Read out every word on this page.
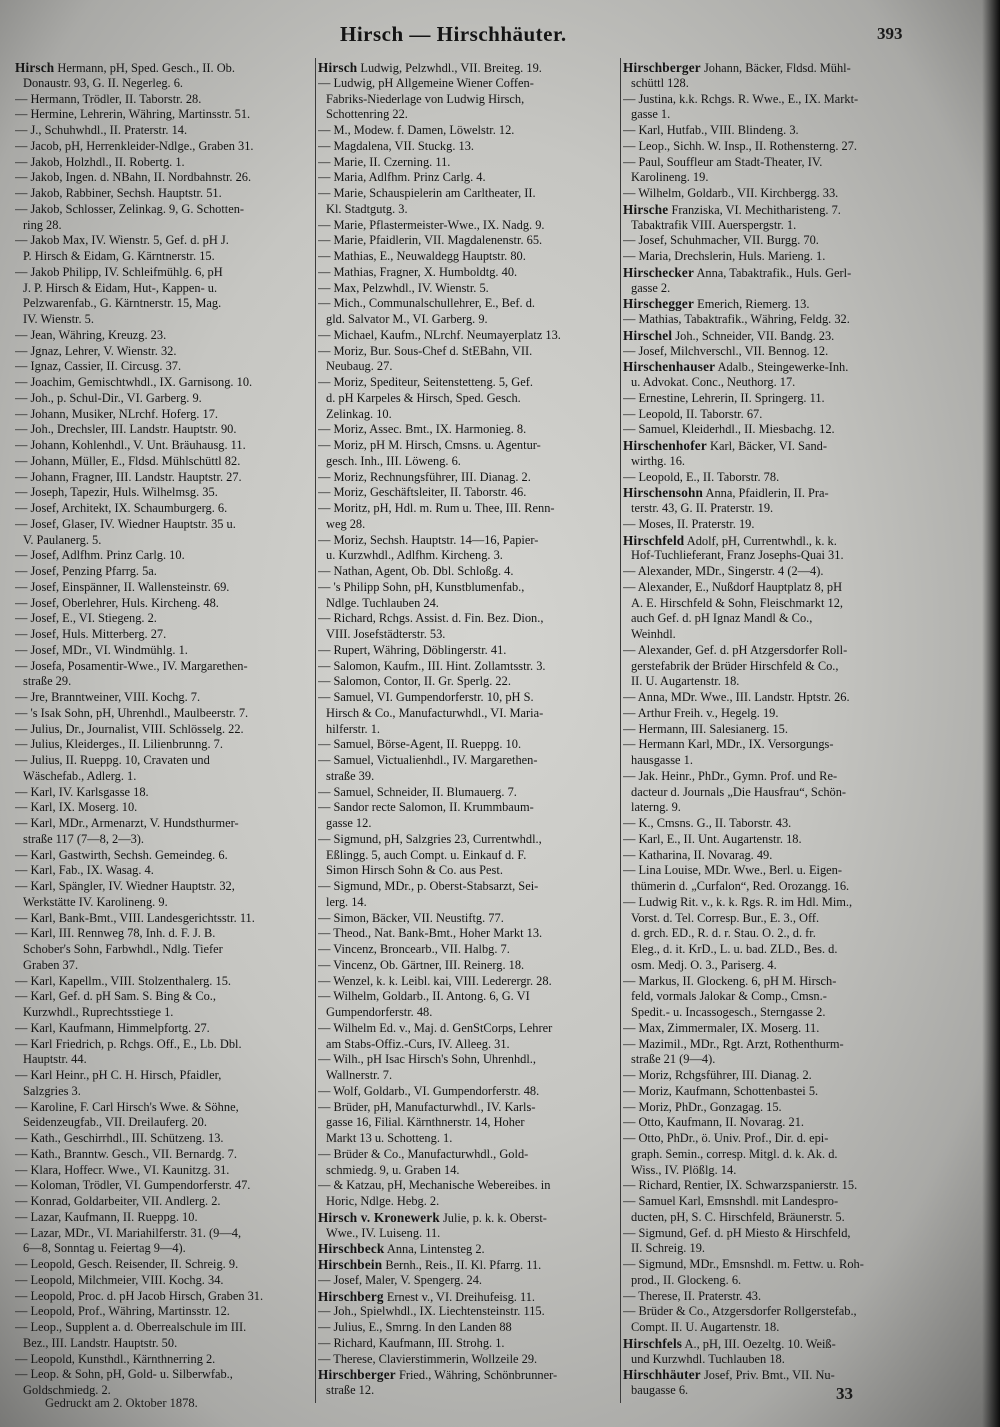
Hirsch — Hirschhäuter.	393
Hirsch Hermann, pH, Sped. Gesch., II. Ob.
Donaustr. 93, G. II. Negerleg. 6.
— Hermann, Trödler, II. Taborstr. 28.
— Hermine, Lehrerin, Währing, Martinsstr. 51.
— J., Schuhwhdl., II. Praterstr. 14.
— Jacob, pH, Herrenkleider-Ndlge., Graben 31.
— Jakob, Holzhdl., II. Robertg. 1.
— Jakob, Ingen. d. NBahn, II. Nordbahnstr. 26.
— Jakob, Rabbiner, Sechsh. Hauptstr. 51.
— Jakob, Schlosser, Zelinkag. 9, G. Schotten-
ring 28.
— Jakob Max, IV. Wienstr. 5, Gef. d. pH J.
P. Hirsch & Eidam, G. Kärntnerstr. 15.
— Jakob Philipp, IV. Schleifmühlg. 6, pH
J. P. Hirsch & Eidam, Hut-, Kappen- u.
Pelzwarenfab., G. Kärntnerstr. 15, Mag.
IV. Wienstr. 5.
— Jean, Währing, Kreuzg. 23.
— Jgnaz, Lehrer, V. Wienstr. 32.
— Ignaz, Cassier, II. Circusg. 37.
— Joachim, Gemischtwhdl., IX. Garnisong. 10.
— Joh., p. Schul-Dir., VI. Garberg. 9.
— Johann, Musiker, NLrchf. Hoferg. 17.
— Joh., Drechsler, III. Landstr. Hauptstr. 90.
— Johann, Kohlenhdl., V. Unt. Bräuhausg. 11.
— Johann, Müller, E., Fldsd. Mühlschüttl 82.
— Johann, Fragner, III. Landstr. Hauptstr. 27.
— Joseph, Tapezir, Huls. Wilhelmsg. 35.
— Josef, Architekt, IX. Schaumburgerg. 6.
— Josef, Glaser, IV. Wiedner Hauptstr. 35 u.
V. Paulanerg. 5.
— Josef, Adlfhm. Prinz Carlg. 10.
— Josef, Penzing Pfarrg. 5a.
— Josef, Einspänner, II. Wallensteinstr. 69.
— Josef, Oberlehrer, Huls. Kircheng. 48.
— Josef, E., VI. Stiegeng. 2.
— Josef, Huls. Mitterberg. 27.
— Josef, MDr., VI. Windmühlg. 1.
— Josefa, Posamentir-Wwe., IV. Margarethen-
straße 29.
— Jre, Branntweiner, VIII. Kochg. 7.
— 's Isak Sohn, pH, Uhrenhdl., Maulbeerstr. 7.
— Julius, Dr., Journalist, VIII. Schlösselg. 22.
— Julius, Kleiderges., II. Lilienbrunng. 7.
— Julius, II. Rueppg. 10, Cravaten und
Wäschefab., Adlerg. 1.
— Karl, IV. Karlsgasse 18.
— Karl, IX. Moserg. 10.
— Karl, MDr., Armenarzt, V. Hundsthurmer-
straße 117 (7—8, 2—3).
— Karl, Gastwirth, Sechsh. Gemeindeg. 6.
— Karl, Fab., IX. Wasag. 4.
— Karl, Spängler, IV. Wiedner Hauptstr. 32,
Werkstätte IV. Karolineng. 9.
— Karl, Bank-Bmt., VIII. Landesgerichtsstr. 11.
— Karl, III. Rennweg 78, Inh. d. F. J. B.
Schober's Sohn, Farbwhdl., Ndlg. Tiefer
Graben 37.
— Karl, Kapellm., VIII. Stolzenthalerg. 15.
— Karl, Gef. d. pH Sam. S. Bing & Co.,
Kurzwhdl., Ruprechtsstiege 1.
— Karl, Kaufmann, Himmelpfortg. 27.
— Karl Friedrich, p. Rchgs. Off., E., Lb. Dbl.
Hauptstr. 44.
— Karl Heinr., pH C. H. Hirsch, Pfaidler,
Salzgries 3.
— Karoline, F. Carl Hirsch's Wwe. & Söhne,
Seidenzeugfab., VII. Dreilauferg. 20.
— Kath., Geschirrhdl., III. Schützeng. 13.
— Kath., Branntw. Gesch., VII. Bernardg. 7.
— Klara, Hoffecr. Wwe., VI. Kaunitzg. 31.
— Koloman, Trödler, VI. Gumpendorferstr. 47.
— Konrad, Goldarbeiter, VII. Andlerg. 2.
— Lazar, Kaufmann, II. Rueppg. 10.
— Lazar, MDr., VI. Mariahilferstr. 31. (9—4,
6—8, Sonntag u. Feiertag 9—4).
— Leopold, Gesch. Reisender, II. Schreig. 9.
— Leopold, Milchmeier, VIII. Kochg. 34.
— Leopold, Proc. d. pH Jacob Hirsch, Graben 31.
— Leopold, Prof., Währing, Martinsstr. 12.
— Leop., Supplent a. d. Oberrealschule im III.
Bez., III. Landstr. Hauptstr. 50.
— Leopold, Kunsthdl., Kärnthnerring 2.
— Leop. & Sohn, pH, Gold- u. Silberwfab.,
Goldschmiedg. 2.
Hirsch Ludwig, Pelzwhdl., VII. Breiteg. 19.
— Ludwig, pH Allgemeine Wiener Coffen-
Fabriks-Niederlage von Ludwig Hirsch,
Schottenring 22.
— M., Modew. f. Damen, Löwelstr. 12.
— Magdalena, VII. Stuckg. 13.
— Marie, II. Czerning. 11.
— Maria, Adlfhm. Prinz Carlg. 4.
— Marie, Schauspielerin am Carltheater, II.
Kl. Stadtgutg. 3.
— Marie, Pflastermeister-Wwe., IX. Nadg. 9.
— Marie, Pfaidlerin, VII. Magdalenenstr. 65.
— Mathias, E., Neuwaldegg Hauptstr. 80.
— Mathias, Fragner, X. Humboldtg. 40.
— Max, Pelzwhdl., IV. Wienstr. 5.
— Mich., Communalschullehrer, E., Bef. d.
gld. Salvator M., VI. Garberg. 9.
— Michael, Kaufm., NLrchf. Neumayerplatz 13.
— Moriz, Bur. Sous-Chef d. StEBahn, VII.
Neubaug. 27.
— Moriz, Spediteur, Seitenstetteng. 5, Gef.
d. pH Karpeles & Hirsch, Sped. Gesch.
Zelinkag. 10.
— Moriz, Assec. Bmt., IX. Harmonieg. 8.
— Moriz, pH M. Hirsch, Cmsns. u. Agentur-
gesch. Inh., III. Löweng. 6.
— Moriz, Rechnungsführer, III. Dianag. 2.
— Moriz, Geschäftsleiter, II. Taborstr. 46.
— Moritz, pH, Hdl. m. Rum u. Thee, III. Renn-
weg 28.
— Moriz, Sechsh. Hauptstr. 14—16, Papier-
u. Kurzwhdl., Adlfhm. Kircheng. 3.
— Nathan, Agent, Ob. Dbl. Schloßg. 4.
— 's Philipp Sohn, pH, Kunstblumenfab.,
Ndlge. Tuchlauben 24.
— Richard, Rchgs. Assist. d. Fin. Bez. Dion.,
VIII. Josefstädterstr. 53.
— Rupert, Währing, Döblingerstr. 41.
— Salomon, Kaufm., III. Hint. Zollamtsstr. 3.
— Salomon, Contor, II. Gr. Sperlg. 22.
— Samuel, VI. Gumpendorferstr. 10, pH S.
Hirsch & Co., Manufacturwhdl., VI. Maria-
hilferstr. 1.
— Samuel, Börse-Agent, II. Rueppg. 10.
— Samuel, Victualienhdl., IV. Margarethen-
straße 39.
— Samuel, Schneider, II. Blumauerg. 7.
— Sandor recte Salomon, II. Krummbaum-
gasse 12.
— Sigmund, pH, Salzgries 23, Currentwhdl.,
Eßlingg. 5, auch Compt. u. Einkauf d. F.
Simon Hirsch Sohn & Co. aus Pest.
— Sigmund, MDr., p. Oberst-Stabsarzt, Sei-
lerg. 14.
— Simon, Bäcker, VII. Neustiftg. 77.
— Theod., Nat. Bank-Bmt., Hoher Markt 13.
— Vincenz, Broncearb., VII. Halbg. 7.
— Vincenz, Ob. Gärtner, III. Reinerg. 18.
— Wenzel, k. k. Leibl. kai, VIII. Lederergr. 28.
— Wilhelm, Goldarb., II. Antong. 6, G. VI
Gumpendorferstr. 48.
— Wilhelm Ed. v., Maj. d. GenStCorps, Lehrer
am Stabs-Offiz.-Curs, IV. Alleeg. 31.
— Wilh., pH Isac Hirsch's Sohn, Uhrenhdl.,
Wallnerstr. 7.
— Wolf, Goldarb., VI. Gumpendorferstr. 48.
— Brüder, pH, Manufacturwhdl., IV. Karls-
gasse 16, Filial. Kärnthnerstr. 14, Hoher
Markt 13 u. Schotteng. 1.
— Brüder & Co., Manufacturwhdl., Gold-
schmiedg. 9, u. Graben 14.
— & Katzau, pH, Mechanische Webereibes. in
Horic, Ndlge. Hebg. 2.
Hirsch v. Kronewerk Julie, p. k. k. Oberst-
Wwe., IV. Luiseng. 11.
Hirschbeck Anna, Lintensteg 2.
Hirschbein Bernh., Reis., II. Kl. Pfarrg. 11.
— Josef, Maler, V. Spengerg. 24.
Hirschberg Ernest v., VI. Dreihufeisg. 11.
— Joh., Spielwhdl., IX. Liechtensteinstr. 115.
— Julius, E., Smrng. In den Landen 88
— Richard, Kaufmann, III. Strohg. 1.
— Therese, Clavierstimmerin, Wollzeile 29.
Hirschberger Fried., Währing, Schönbrunner-
straße 12.
Hirschberger Johann, Bäcker, Fldsd. Mühl-
schüttl 128.
— Justina, k.k. Rchgs. R. Wwe., E., IX. Markt-
gasse 1.
— Karl, Hutfab., VIII. Blindeng. 3.
— Leop., Sichh. W. Insp., II. Rothensterng. 27.
— Paul, Souffleur am Stadt-Theater, IV.
Karolineng. 19.
— Wilhelm, Goldarb., VII. Kirchbergg. 33.
Hirsche Franziska, VI. Mechitharisteng. 7.
Tabaktrafik VIII. Auerspergstr. 1.
— Josef, Schuhmacher, VII. Burgg. 70.
— Maria, Drechslerin, Huls. Marieng. 1.
Hirschecker Anna, Tabaktrafik., Huls. Gerl-
gasse 2.
Hirschegger Emerich, Riemerg. 13.
— Mathias, Tabaktrafik., Währing, Feldg. 32.
Hirschel Joh., Schneider, VII. Bandg. 23.
— Josef, Milchverschl., VII. Bennog. 12.
Hirschenhauser Adalb., Steingewerke-Inh.
u. Advokat. Conc., Neuthorg. 17.
— Ernestine, Lehrerin, II. Springerg. 11.
— Leopold, II. Taborstr. 67.
— Samuel, Kleiderhdl., II. Miesbachg. 12.
Hirschenhofer Karl, Bäcker, VI. Sand-
wirthg. 16.
— Leopold, E., II. Taborstr. 78.
Hirschensohn Anna, Pfaidlerin, II. Pra-
terstr. 43, G. II. Praterstr. 19.
— Moses, II. Praterstr. 19.
Hirschfeld Adolf, pH, Currentwhdl., k. k.
Hof-Tuchlieferant, Franz Josephs-Quai 31.
— Alexander, MDr., Singerstr. 4 (2—4).
— Alexander, E., Nußdorf Hauptplatz 8, pH
A. E. Hirschfeld & Sohn, Fleischmarkt 12,
auch Gef. d. pH Ignaz Mandl & Co.,
Weinhdl.
— Alexander, Gef. d. pH Atzgersdorfer Roll-
gerstefabrik der Brüder Hirschfeld & Co.,
II. U. Augartenstr. 18.
— Anna, MDr. Wwe., III. Landstr. Hptstr. 26.
— Arthur Freih. v., Hegelg. 19.
— Hermann, III. Salesianerg. 15.
— Hermann Karl, MDr., IX. Versorgungs-
hausgasse 1.
— Jak. Heinr., PhDr., Gymn. Prof. und Re-
dacteur d. Journals „Die Hausfrau“, Schön-
laterng. 9.
— K., Cmsns. G., II. Taborstr. 43.
— Karl, E., II. Unt. Augartenstr. 18.
— Katharina, II. Novarag. 49.
— Lina Louise, MDr. Wwe., Berl. u. Eigen-
thümerin d. „Curfalon“, Red. Orozangg. 16.
— Ludwig Rit. v., k. k. Rgs. R. im Hdl. Mim.,
Vorst. d. Tel. Corresp. Bur., E. 3., Off.
d. grch. ED., R. d. r. Stau. O. 2., d. fr.
Eleg., d. it. KrD., L. u. bad. ZLD., Bes. d.
osm. Medj. O. 3., Pariserg. 4.
— Markus, II. Glockeng. 6, pH M. Hirsch-
feld, vormals Jalokar & Comp., Cmsn.-
Spedit.- u. Incassogesch., Sterngasse 2.
— Max, Zimmermaler, IX. Moserg. 11.
— Mazimil., MDr., Rgt. Arzt, Rothenthurm-
straße 21 (9—4).
— Moriz, Rchgsführer, III. Dianag. 2.
— Moriz, Kaufmann, Schottenbastei 5.
— Moriz, PhDr., Gonzagag. 15.
— Otto, Kaufmann, II. Novarag. 21.
— Otto, PhDr., ö. Univ. Prof., Dir. d. epi-
graph. Semin., corresp. Mitgl. d. k. Ak. d.
Wiss., IV. Plößlg. 14.
— Richard, Rentier, IX. Schwarzspanierstr. 15.
— Samuel Karl, Emsnshdl. mit Landespro-
ducten, pH, S. C. Hirschfeld, Bräunerstr. 5.
— Sigmund, Gef. d. pH Miesto & Hirschfeld,
II. Schreig. 19.
— Sigmund, MDr., Emsnshdl. m. Fettw. u. Roh-
prod., II. Glockeng. 6.
— Therese, II. Praterstr. 43.
— Brüder & Co., Atzgersdorfer Rollgerstefab.,
Compt. II. U. Augartenstr. 18.
Hirschfels A., pH, III. Oezeltg. 10. Weiß-
und Kurzwhdl. Tuchlauben 18.
Hirschhäuter Josef, Priv. Bmt., VII. Nu-
baugasse 6.
Gedruckt am 2. Oktober 1878.	33
